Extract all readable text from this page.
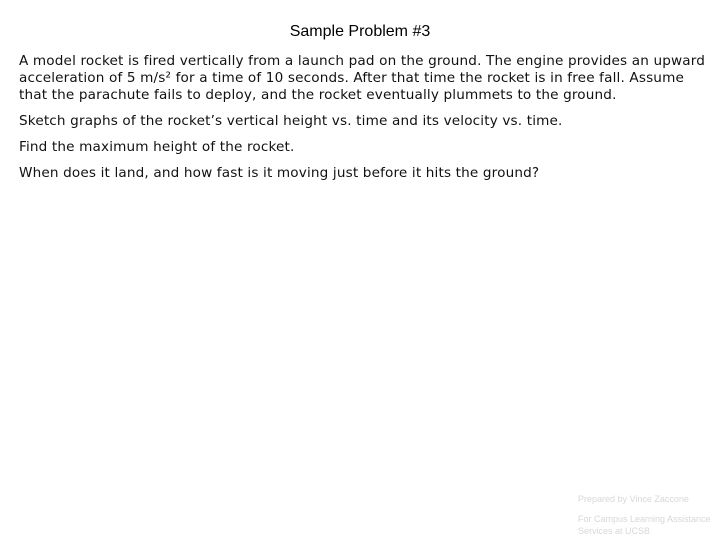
Sample Problem #3

A model rocket is fired vertically from a launch pad on the ground. The engine provides an upward acceleration of 5 m/s² for a time of 10 seconds. After that time the rocket is in free fall. Assume that the parachute fails to deploy, and the rocket eventually plummets to the ground.

Sketch graphs of the rocket’s vertical height vs. time and its velocity vs. time.

Find the maximum height of the rocket.

When does it land, and how fast is it moving just before it hits the ground?

Prepared by Vince Zaccone
For Campus Learning Assistance Services at UCSB
